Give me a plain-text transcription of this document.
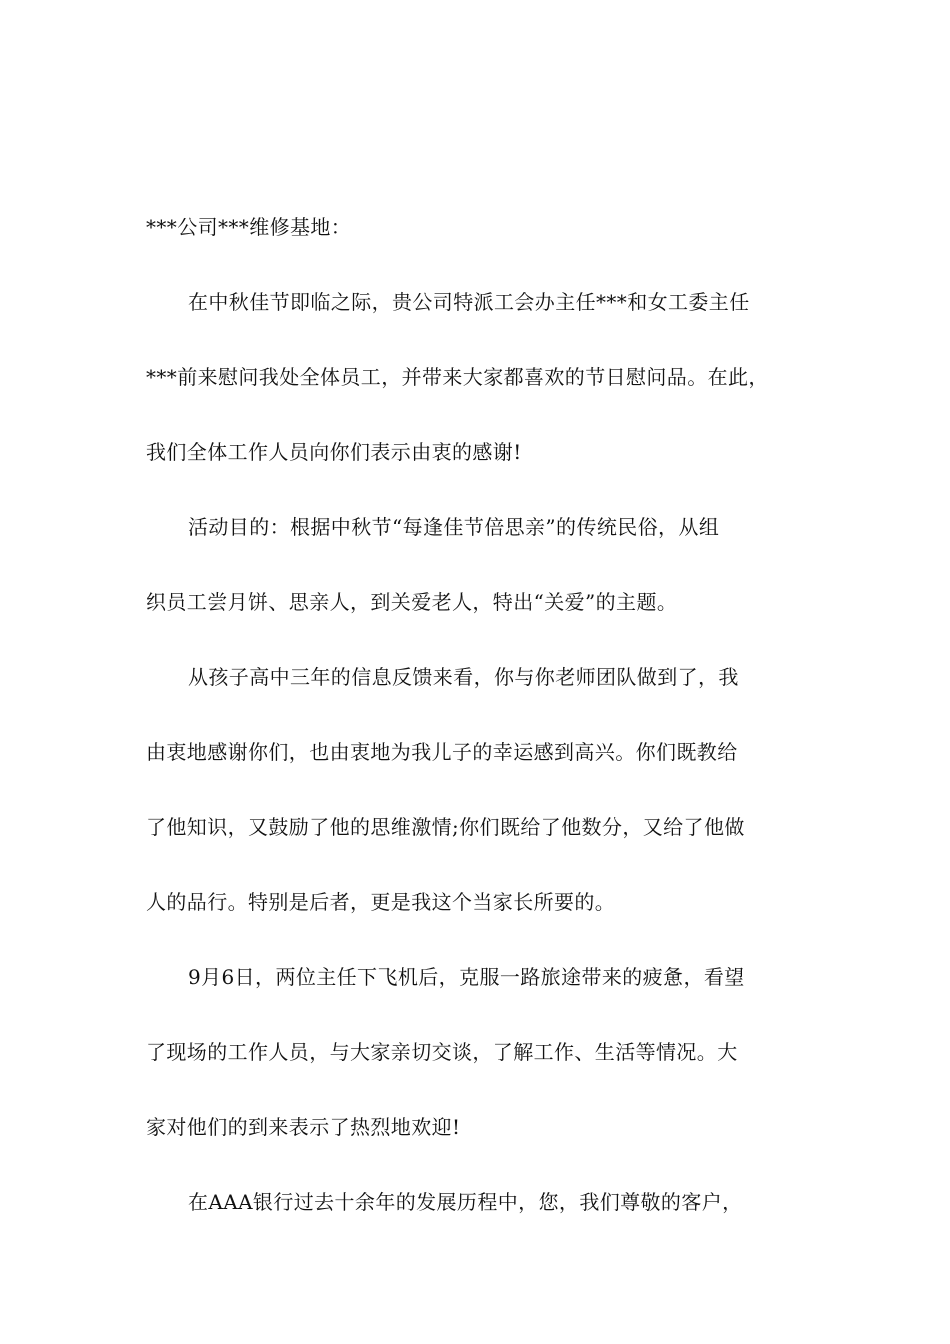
***公司***维修基地：
在中秋佳节即临之际，贵公司特派工会办主任***和女工委主任
***前来慰问我处全体员工，并带来大家都喜欢的节日慰问品。在此，
我们全体工作人员向你们表示由衷的感谢!
活动目的：根据中秋节“每逢佳节倍思亲”的传统民俗，从组
织员工尝月饼、思亲人，到关爱老人，特出“关爱”的主题。
从孩子高中三年的信息反馈来看，你与你老师团队做到了，我
由衷地感谢你们，也由衷地为我儿子的幸运感到高兴。你们既教给
了他知识，又鼓励了他的思维激情;你们既给了他数分，又给了他做
人的品行。特别是后者，更是我这个当家长所要的。
9月6日，两位主任下飞机后，克服一路旅途带来的疲惫，看望
了现场的工作人员，与大家亲切交谈，了解工作、生活等情况。大
家对他们的到来表示了热烈地欢迎!
在AAA银行过去十余年的发展历程中，您，我们尊敬的客户，
